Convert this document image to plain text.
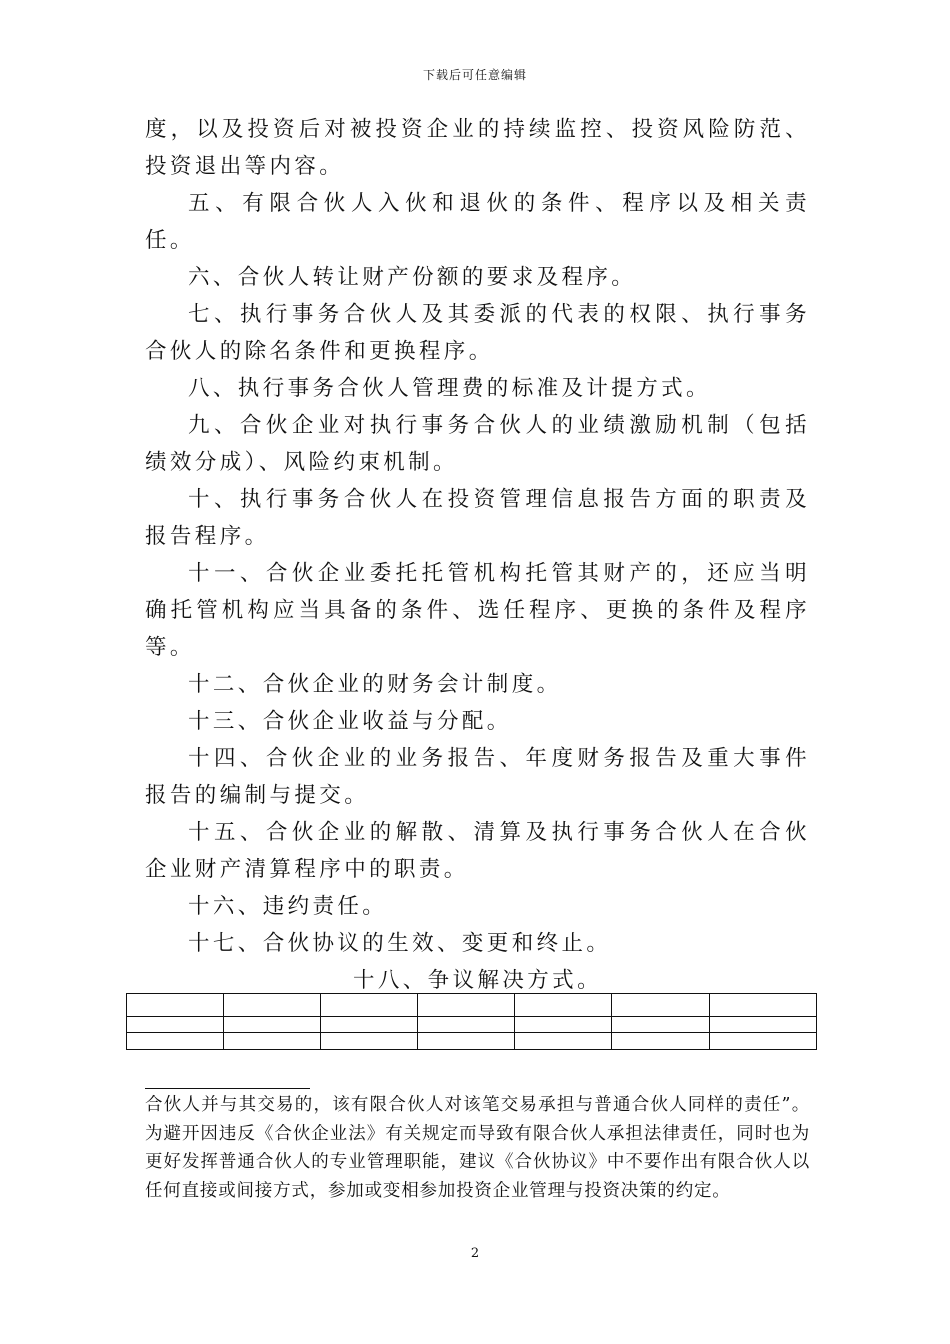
下载后可任意编辑

度，以及投资后对被投资企业的持续监控、投资风险防范、投资退出等内容。

五、有限合伙人入伙和退伙的条件、程序以及相关责任。

六、合伙人转让财产份额的要求及程序。

七、执行事务合伙人及其委派的代表的权限、执行事务合伙人的除名条件和更换程序。

八、执行事务合伙人管理费的标准及计提方式。

九、合伙企业对执行事务合伙人的业绩激励机制（包括绩效分成）、风险约束机制。

十、执行事务合伙人在投资管理信息报告方面的职责及报告程序。

十一、合伙企业委托托管机构托管其财产的，还应当明确托管机构应当具备的条件、选任程序、更换的条件及程序等。

十二、合伙企业的财务会计制度。

十三、合伙企业收益与分配。

十四、合伙企业的业务报告、年度财务报告及重大事件报告的编制与提交。

十五、合伙企业的解散、清算及执行事务合伙人在合伙企业财产清算程序中的职责。

十六、违约责任。

十七、合伙协议的生效、变更和终止。

十八、争议解决方式。

合伙人并与其交易的，该有限合伙人对该笔交易承担与普通合伙人同样的责任”。为避开因违反《合伙企业法》有关规定而导致有限合伙人承担法律责任，同时也为更好发挥普通合伙人的专业管理职能，建议《合伙协议》中不要作出有限合伙人以任何直接或间接方式，参加或变相参加投资企业管理与投资决策的约定。

2
